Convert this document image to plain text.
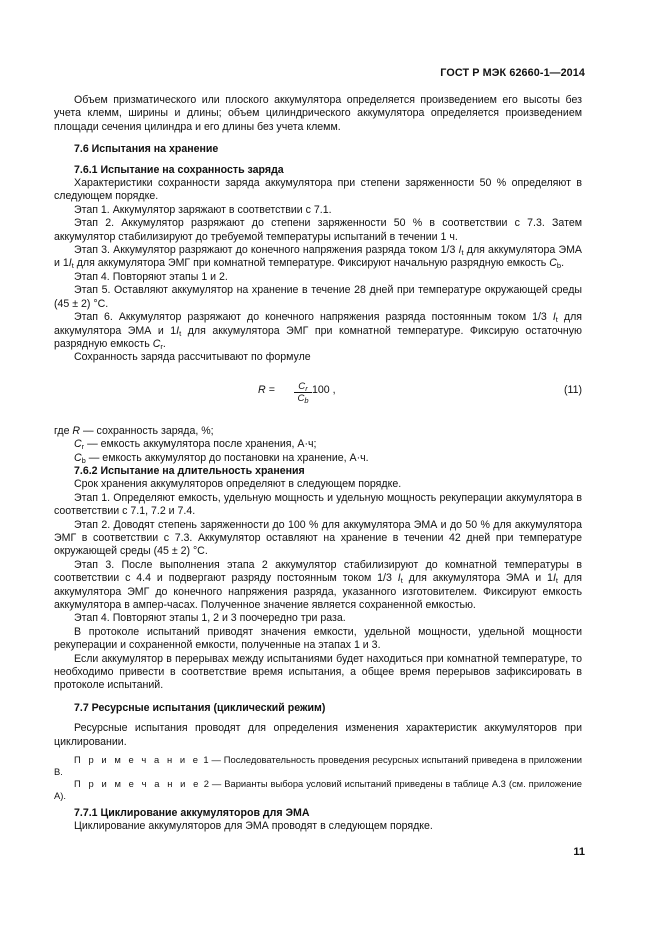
ГОСТ Р МЭК 62660-1—2014

Объем призматического или плоского аккумулятора определяется произведением его высоты без учета клемм, ширины и длины; объем цилиндрического аккумулятора определяется произведением площади сечения цилиндра и его длины без учета клемм.

7.6 Испытания на хранение

7.6.1 Испытание на сохранность заряда

Характеристики сохранности заряда аккумулятора при степени заряженности 50 % определяют в следующем порядке.

Этап 1. Аккумулятор заряжают в соответствии с 7.1.

Этап 2. Аккумулятор разряжают до степени заряженности 50 % в соответствии с 7.3. Затем аккумулятор стабилизируют до требуемой температуры испытаний в течении 1 ч.

Этап 3. Аккумулятор разряжают до конечного напряжения разряда током 1/3 $I_t$ для аккумулятора ЭМА и $1I_t$ для аккумулятора ЭМГ при комнатной температуре. Фиксируют начальную разрядную емкость $C_b$.

Этап 4. Повторяют этапы 1 и 2.

Этап 5. Оставляют аккумулятор на хранение в течение 28 дней при температуре окружающей среды (45 ± 2) °С.

Этап 6. Аккумулятор разряжают до конечного напряжения разряда постоянным током 1/3 $I_t$ для аккумулятора ЭМА и $1I_t$ для аккумулятора ЭМГ при комнатной температуре. Фиксирую остаточную разрядную емкость $C_r$.

Сохранность заряда рассчитывают по формуле

R =	$C_r$
$C_b$
100 ,	(11)

где R — сохранность заряда, %;

$C_r$ — емкость аккумулятора после хранения, А·ч;

$C_b$ — емкость аккумулятор до постановки на хранение, А·ч.

7.6.2 Испытание на длительность хранения

Срок хранения аккумуляторов определяют в следующем порядке.

Этап 1. Определяют емкость, удельную мощность и удельную мощность рекуперации аккумулятора в соответствии с 7.1, 7.2 и 7.4.

Этап 2. Доводят степень заряженности до 100 % для аккумулятора ЭМА и до 50 % для аккумулятора ЭМГ в соответствии с 7.3. Аккумулятор оставляют на хранение в течении 42 дней при температуре окружающей среды (45 ± 2) °С.

Этап 3. После выполнения этапа 2 аккумулятор стабилизируют до комнатной температуры в соответствии с 4.4 и подвергают разряду постоянным током 1/3 $I_t$ для аккумулятора ЭМА и $1I_t$ для аккумулятора ЭМГ до конечного напряжения разряда, указанного изготовителем. Фиксируют емкость аккумулятора в ампер-часах. Полученное значение является сохраненной емкостью.

Этап 4. Повторяют этапы 1, 2 и 3 поочередно три раза.

В протоколе испытаний приводят значения емкости, удельной мощности, удельной мощности рекуперации и сохраненной емкости, полученные на этапах 1 и 3.

Если аккумулятор в перерывах между испытаниями будет находиться при комнатной температуре, то необходимо привести в соответствие время испытания, а общее время перерывов зафиксировать в протоколе испытаний.

7.7 Ресурсные испытания (циклический режим)

Ресурсные испытания проводят для определения изменения характеристик аккумуляторов при циклировании.

П р и м е ч а н и е 1 — Последовательность проведения ресурсных испытаний приведена в приложении В.

П р и м е ч а н и е 2 — Варианты выбора условий испытаний приведены в таблице А.3 (см. приложение А).

7.7.1 Циклирование аккумуляторов для ЭМА

Циклирование аккумуляторов для ЭМА проводят в следующем порядке.

11
